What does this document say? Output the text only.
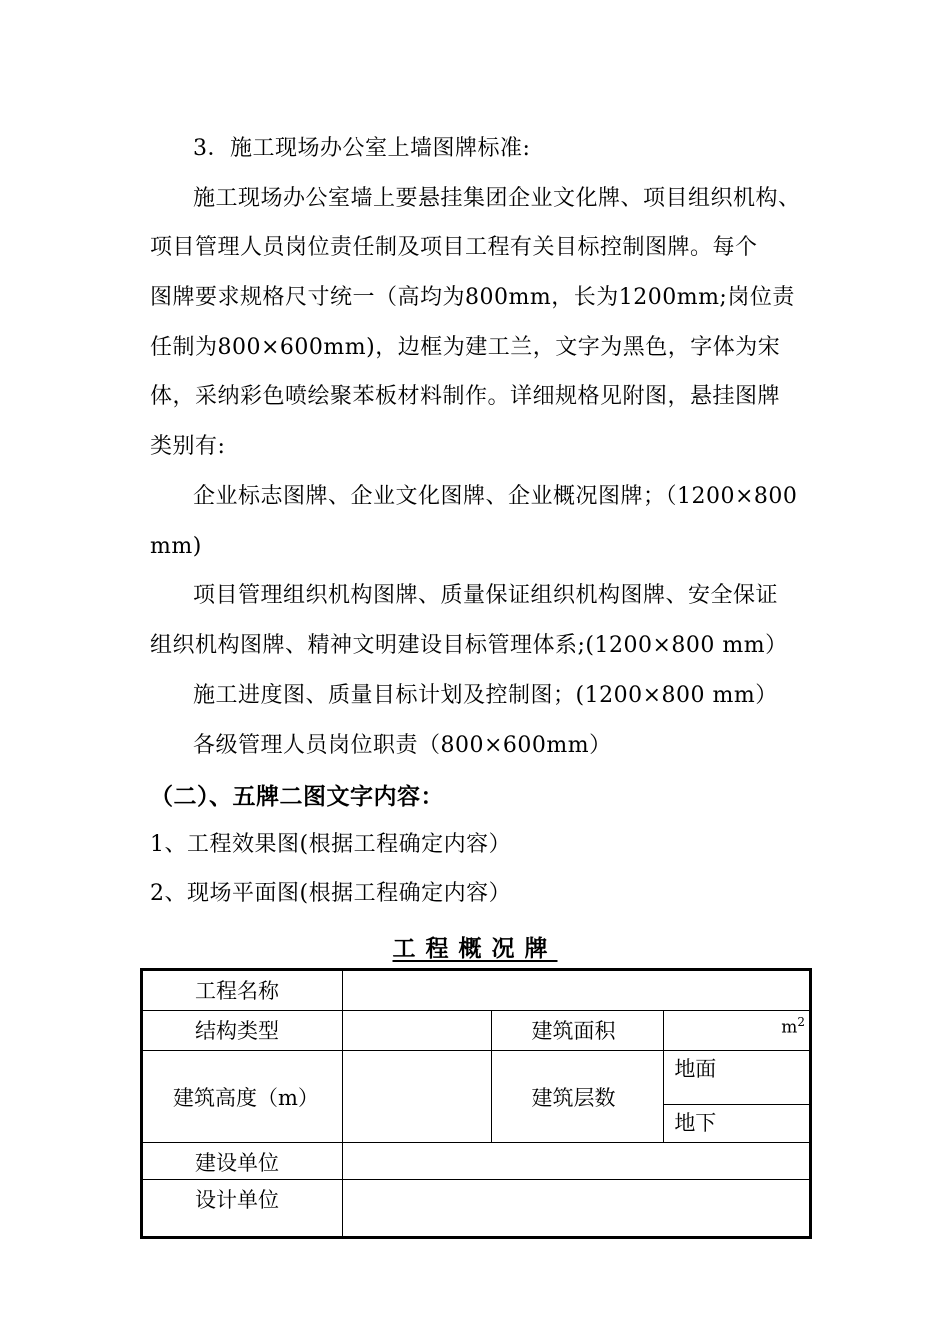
3．施工现场办公室上墙图牌标准:
施工现场办公室墙上要悬挂集团企业文化牌、项目组织机构、
项目管理人员岗位责任制及项目工程有关目标控制图牌。每个
图牌要求规格尺寸统一（高均为800mm，长为1200mm;岗位责
任制为800×600mm)，边框为建工兰，文字为黑色，字体为宋
体，采纳彩色喷绘聚苯板材料制作。详细规格见附图，悬挂图牌
类别有:
企业标志图牌、企业文化图牌、企业概况图牌；（1200×800
mm)
项目管理组织机构图牌、质量保证组织机构图牌、安全保证
组织机构图牌、精神文明建设目标管理体系;(1200×800 mm）
施工进度图、质量目标计划及控制图；(1200×800 mm）
各级管理人员岗位职责（800×600mm）
（二）、五牌二图文字内容：
1、工程效果图(根据工程确定内容）
2、现场平面图(根据工程确定内容）
工程概况牌
工程名称			
结构类型		建筑面积	$m^2$
建筑高度（m）		建筑层数	地面
			地下
建设单位			
设计单位			
